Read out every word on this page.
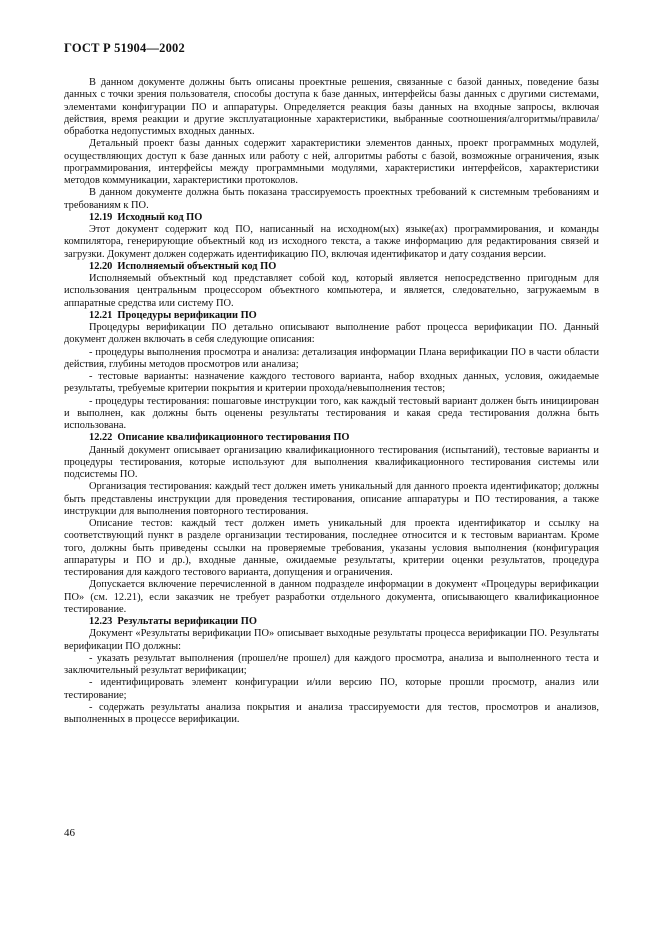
ГОСТ Р 51904—2002

В данном документе должны быть описаны проектные решения, связанные с базой данных, поведение базы данных с точки зрения пользователя, способы доступа к базе данных, интерфейсы базы данных с другими системами, элементами конфигурации ПО и аппаратуры. Определяется реакция базы данных на входные запросы, включая действия, время реакции и другие эксплуатационные характеристики, выбранные соотношения/алгоритмы/правила/обработка недопустимых входных данных.

Детальный проект базы данных содержит характеристики элементов данных, проект программных модулей, осуществляющих доступ к базе данных или работу с ней, алгоритмы работы с базой, возможные ограничения, язык программирования, интерфейсы между программными модулями, характеристики интерфейсов, характеристики методов коммуникации, характеристики протоколов.

В данном документе должна быть показана трассируемость проектных требований к системным требованиям и требованиям к ПО.

12.19 Исходный код ПО

Этот документ содержит код ПО, написанный на исходном(ых) языке(ах) программирования, и команды компилятора, генерирующие объектный код из исходного текста, а также информацию для редактирования связей и загрузки. Документ должен содержать идентификацию ПО, включая идентификатор и дату создания версии.

12.20 Исполняемый объектный код ПО

Исполняемый объектный код представляет собой код, который является непосредственно пригодным для использования центральным процессором объектного компьютера, и является, следовательно, загружаемым в аппаратные средства или систему ПО.

12.21 Процедуры верификации ПО

Процедуры верификации ПО детально описывают выполнение работ процесса верификации ПО. Данный документ должен включать в себя следующие описания:

- процедуры выполнения просмотра и анализа: детализация информации Плана верификации ПО в части области действия, глубины методов просмотров или анализа;

- тестовые варианты: назначение каждого тестового варианта, набор входных данных, условия, ожидаемые результаты, требуемые критерии покрытия и критерии прохода/невыполнения тестов;

- процедуры тестирования: пошаговые инструкции того, как каждый тестовый вариант должен быть инициирован и выполнен, как должны быть оценены результаты тестирования и какая среда тестирования должна быть использована.

12.22 Описание квалификационного тестирования ПО

Данный документ описывает организацию квалификационного тестирования (испытаний), тестовые варианты и процедуры тестирования, которые используют для выполнения квалификационного тестирования системы или подсистемы ПО.

Организация тестирования: каждый тест должен иметь уникальный для данного проекта идентификатор; должны быть представлены инструкции для проведения тестирования, описание аппаратуры и ПО тестирования, а также инструкции для выполнения повторного тестирования.

Описание тестов: каждый тест должен иметь уникальный для проекта идентификатор и ссылку на соответствующий пункт в разделе организации тестирования, последнее относится и к тестовым вариантам. Кроме того, должны быть приведены ссылки на проверяемые требования, указаны условия выполнения (конфигурация аппаратуры и ПО и др.), входные данные, ожидаемые результаты, критерии оценки результатов, процедура тестирования для каждого тестового варианта, допущения и ограничения.

Допускается включение перечисленной в данном подразделе информации в документ «Процедуры верификации ПО» (см. 12.21), если заказчик не требует разработки отдельного документа, описывающего квалификационное тестирование.

12.23 Результаты верификации ПО

Документ «Результаты верификации ПО» описывает выходные результаты процесса верификации ПО. Результаты верификации ПО должны:

- указать результат выполнения (прошел/не прошел) для каждого просмотра, анализа и выполненного теста и заключительный результат верификации;

- идентифицировать элемент конфигурации и/или версию ПО, которые прошли просмотр, анализ или тестирование;

- содержать результаты анализа покрытия и анализа трассируемости для тестов, просмотров и анализов, выполненных в процессе верификации.

46
